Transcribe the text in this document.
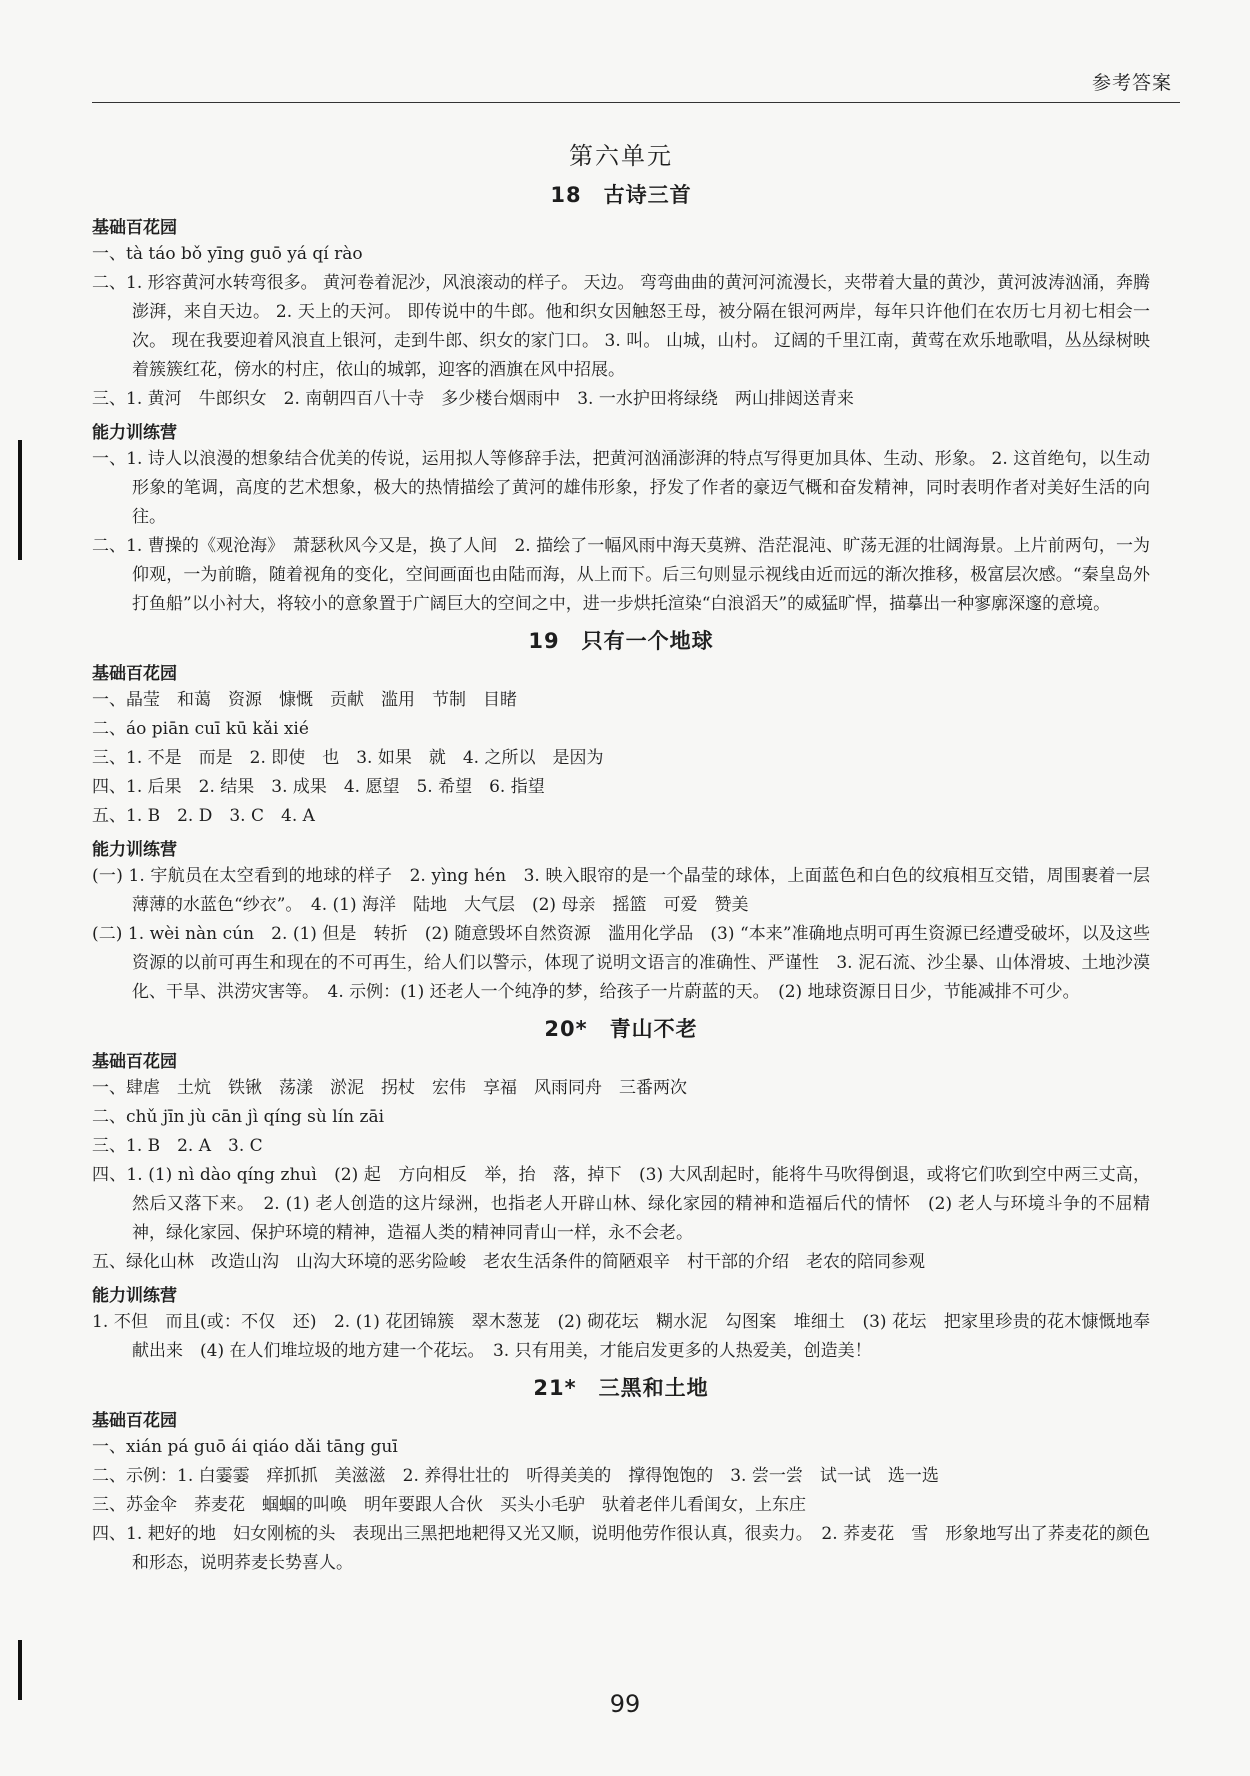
参考答案
第六单元
18　古诗三首
基础百花园

一、tà táo bǒ yīng guō yá qí rào

二、1. 形容黄河水转弯很多。 黄河卷着泥沙，风浪滚动的样子。 天边。 弯弯曲曲的黄河河流漫长，夹带着大量的黄沙，黄河波涛汹涌，奔腾澎湃，来自天边。 2. 天上的天河。 即传说中的牛郎。他和织女因触怒王母，被分隔在银河两岸，每年只许他们在农历七月初七相会一次。 现在我要迎着风浪直上银河，走到牛郎、织女的家门口。 3. 叫。 山城，山村。 辽阔的千里江南，黄莺在欢乐地歌唱，丛丛绿树映着簇簇红花，傍水的村庄，依山的城郭，迎客的酒旗在风中招展。

三、1. 黄河　牛郎织女　2. 南朝四百八十寺　多少楼台烟雨中　3. 一水护田将绿绕　两山排闼送青来

能力训练营

一、1. 诗人以浪漫的想象结合优美的传说，运用拟人等修辞手法，把黄河汹涌澎湃的特点写得更加具体、生动、形象。 2. 这首绝句，以生动形象的笔调，高度的艺术想象，极大的热情描绘了黄河的雄伟形象，抒发了作者的豪迈气概和奋发精神，同时表明作者对美好生活的向往。

二、1. 曹操的《观沧海》　萧瑟秋风今又是，换了人间　2. 描绘了一幅风雨中海天莫辨、浩茫混沌、旷荡无涯的壮阔海景。上片前两句，一为仰观，一为前瞻，随着视角的变化，空间画面也由陆而海，从上而下。后三句则显示视线由近而远的渐次推移，极富层次感。“秦皇岛外打鱼船”以小衬大，将较小的意象置于广阔巨大的空间之中，进一步烘托渲染“白浪滔天”的威猛旷悍，描摹出一种寥廓深邃的意境。

19　只有一个地球
基础百花园

一、晶莹　和蔼　资源　慷慨　贡献　滥用　节制　目睹

二、áo piān cuī kū kǎi xié

三、1. 不是　而是　2. 即使　也　3. 如果　就　4. 之所以　是因为

四、1. 后果　2. 结果　3. 成果　4. 愿望　5. 希望　6. 指望

五、1. B　2. D　3. C　4. A

能力训练营

(一) 1. 宇航员在太空看到的地球的样子　2. yìng hén　3. 映入眼帘的是一个晶莹的球体，上面蓝色和白色的纹痕相互交错，周围裹着一层薄薄的水蓝色“纱衣”。　4. (1) 海洋　陆地　大气层　(2) 母亲　摇篮　可爱　赞美

(二) 1. wèi nàn cún　2. (1) 但是　转折　(2) 随意毁坏自然资源　滥用化学品　(3) “本来”准确地点明可再生资源已经遭受破坏，以及这些资源的以前可再生和现在的不可再生，给人们以警示，体现了说明文语言的准确性、严谨性　3. 泥石流、沙尘暴、山体滑坡、土地沙漠化、干旱、洪涝灾害等。　4. 示例：(1) 还老人一个纯净的梦，给孩子一片蔚蓝的天。　(2) 地球资源日日少，节能减排不可少。

20*　青山不老
基础百花园

一、肆虐　土炕　铁锹　荡漾　淤泥　拐杖　宏伟　享福　风雨同舟　三番两次

二、chǔ jīn jù cān jì qíng sù lín zāi

三、1. B　2. A　3. C

四、1. (1) nì dào qíng zhuì　(2) 起　方向相反　举，抬　落，掉下　(3) 大风刮起时，能将牛马吹得倒退，或将它们吹到空中两三丈高，然后又落下来。　2. (1) 老人创造的这片绿洲，也指老人开辟山林、绿化家园的精神和造福后代的情怀　(2) 老人与环境斗争的不屈精神，绿化家园、保护环境的精神，造福人类的精神同青山一样，永不会老。

五、绿化山林　改造山沟　山沟大环境的恶劣险峻　老农生活条件的简陋艰辛　村干部的介绍　老农的陪同参观

能力训练营

1. 不但　而且(或：不仅　还)　2. (1) 花团锦簇　翠木葱茏　(2) 砌花坛　糊水泥　勾图案　堆细土　(3) 花坛　把家里珍贵的花木慷慨地奉献出来　(4) 在人们堆垃圾的地方建一个花坛。　3. 只有用美，才能启发更多的人热爱美，创造美！

21*　三黑和土地
基础百花园

一、xián pá guō ái qiáo dǎi tāng guī

二、示例：1. 白霎霎　痒抓抓　美滋滋　2. 养得壮壮的　听得美美的　撑得饱饱的　3. 尝一尝　试一试　选一选

三、苏金伞　荞麦花　蝈蝈的叫唤　明年要跟人合伙　买头小毛驴　驮着老伴儿看闺女，上东庄

四、1. 耙好的地　妇女刚梳的头　表现出三黑把地耙得又光又顺，说明他劳作很认真，很卖力。　2. 荞麦花　雪　形象地写出了荞麦花的颜色和形态，说明荞麦长势喜人。

99
